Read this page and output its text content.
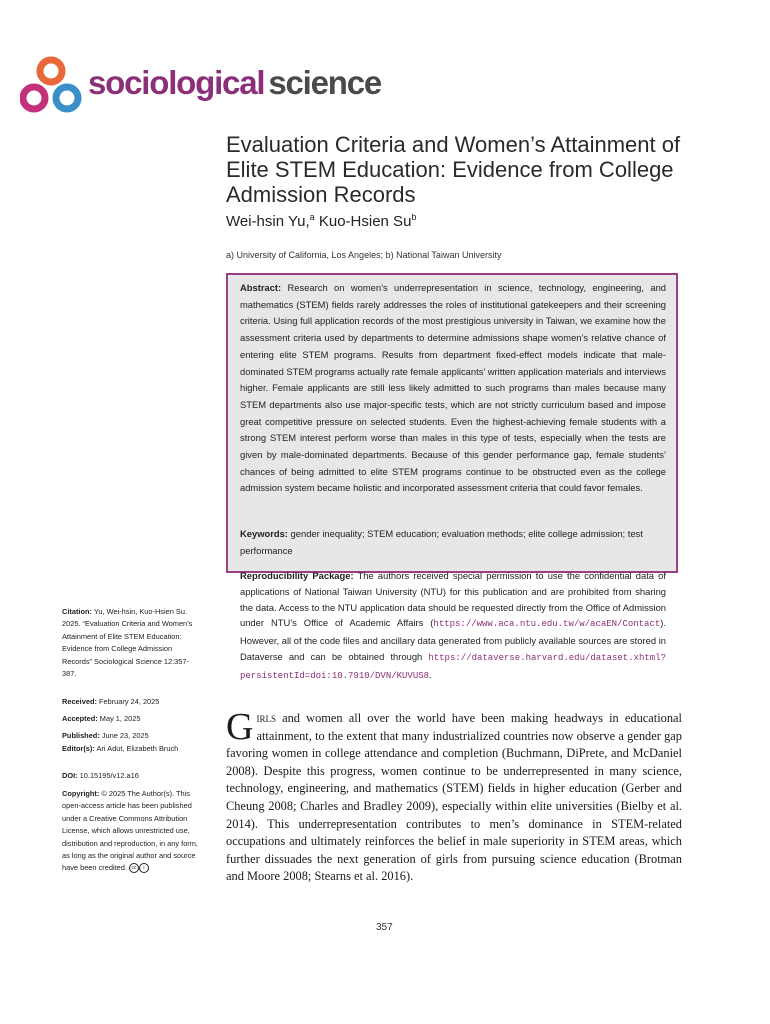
sociological science
Evaluation Criteria and Women’s Attainment of Elite STEM Education: Evidence from College Admission Records
Wei-hsin Yu,$^a$ Kuo-Hsien Su$^b$
a) University of California, Los Angeles; b) National Taiwan University

Abstract: Research on women’s underrepresentation in science, technology, engineering, and mathematics (STEM) fields rarely addresses the roles of institutional gatekeepers and their screening criteria. Using full application records of the most prestigious university in Taiwan, we examine how the assessment criteria used by departments to determine admissions shape women’s relative chance of entering elite STEM programs. Results from department fixed-effect models indicate that male-dominated STEM programs actually rate female applicants’ written application materials and interviews higher. Female applicants are still less likely admitted to such programs than males because many STEM departments also use major-specific tests, which are not strictly curriculum based and impose great competitive pressure on selected students. Even the highest-achieving female students with a strong STEM interest perform worse than males in this type of tests, especially when the tests are given by male-dominated departments. Because of this gender performance gap, female students’ chances of being admitted to elite STEM programs continue to be obstructed even as the college admission system became holistic and incorporated assessment criteria that could favor females.

Keywords: gender inequality; STEM education; evaluation methods; elite college admission; test performance

Reproducibility Package: The authors received special permission to use the confidential data of applications of National Taiwan University (NTU) for this publication and are prohibited from sharing the data. Access to the NTU application data should be requested directly from the Office of Admission under NTU’s Office of Academic Affairs (https://www.aca.ntu.edu.tw/w/acaEN/Contact). However, all of the code files and ancillary data generated from publicly available sources are stored in Dataverse and can be obtained through https://dataverse.harvard.edu/dataset.xhtml?persistentId=doi:10.7910/DVN/KUVUS8.

Citation: Yu, Wei-hsin, Kuo-Hsien Su. 2025. “Evaluation Criteria and Women’s Attainment of Elite STEM Education: Evidence from College Admission Records” Sociological Science 12:357-387.
Received: February 24, 2025
Accepted: May 1, 2025
Published: June 23, 2025
Editor(s): Ari Adut, Elizabeth Bruch
DOI: 10.15195/v12.a16
Copyright: © 2025 The Author(s). This open-access article has been published under a Creative Commons Attribution License, which allows unrestricted use, distribution and reproduction, in any form, as long as the original author and source have been credited. cc i

Girls and women all over the world have been making headways in educational attainment, to the extent that many industrialized countries now observe a gender gap favoring women in college attendance and completion (Buchmann, DiPrete, and McDaniel 2008). Despite this progress, women continue to be underrepresented in many science, technology, engineering, and mathematics (STEM) fields in higher education (Gerber and Cheung 2008; Charles and Bradley 2009), especially within elite universities (Bielby et al. 2014). This underrepresentation contributes to men’s dominance in STEM-related occupations and ultimately reinforces the belief in male superiority in STEM areas, which further dissuades the next generation of girls from pursuing science education (Brotman and Moore 2008; Stearns et al. 2016).

357
